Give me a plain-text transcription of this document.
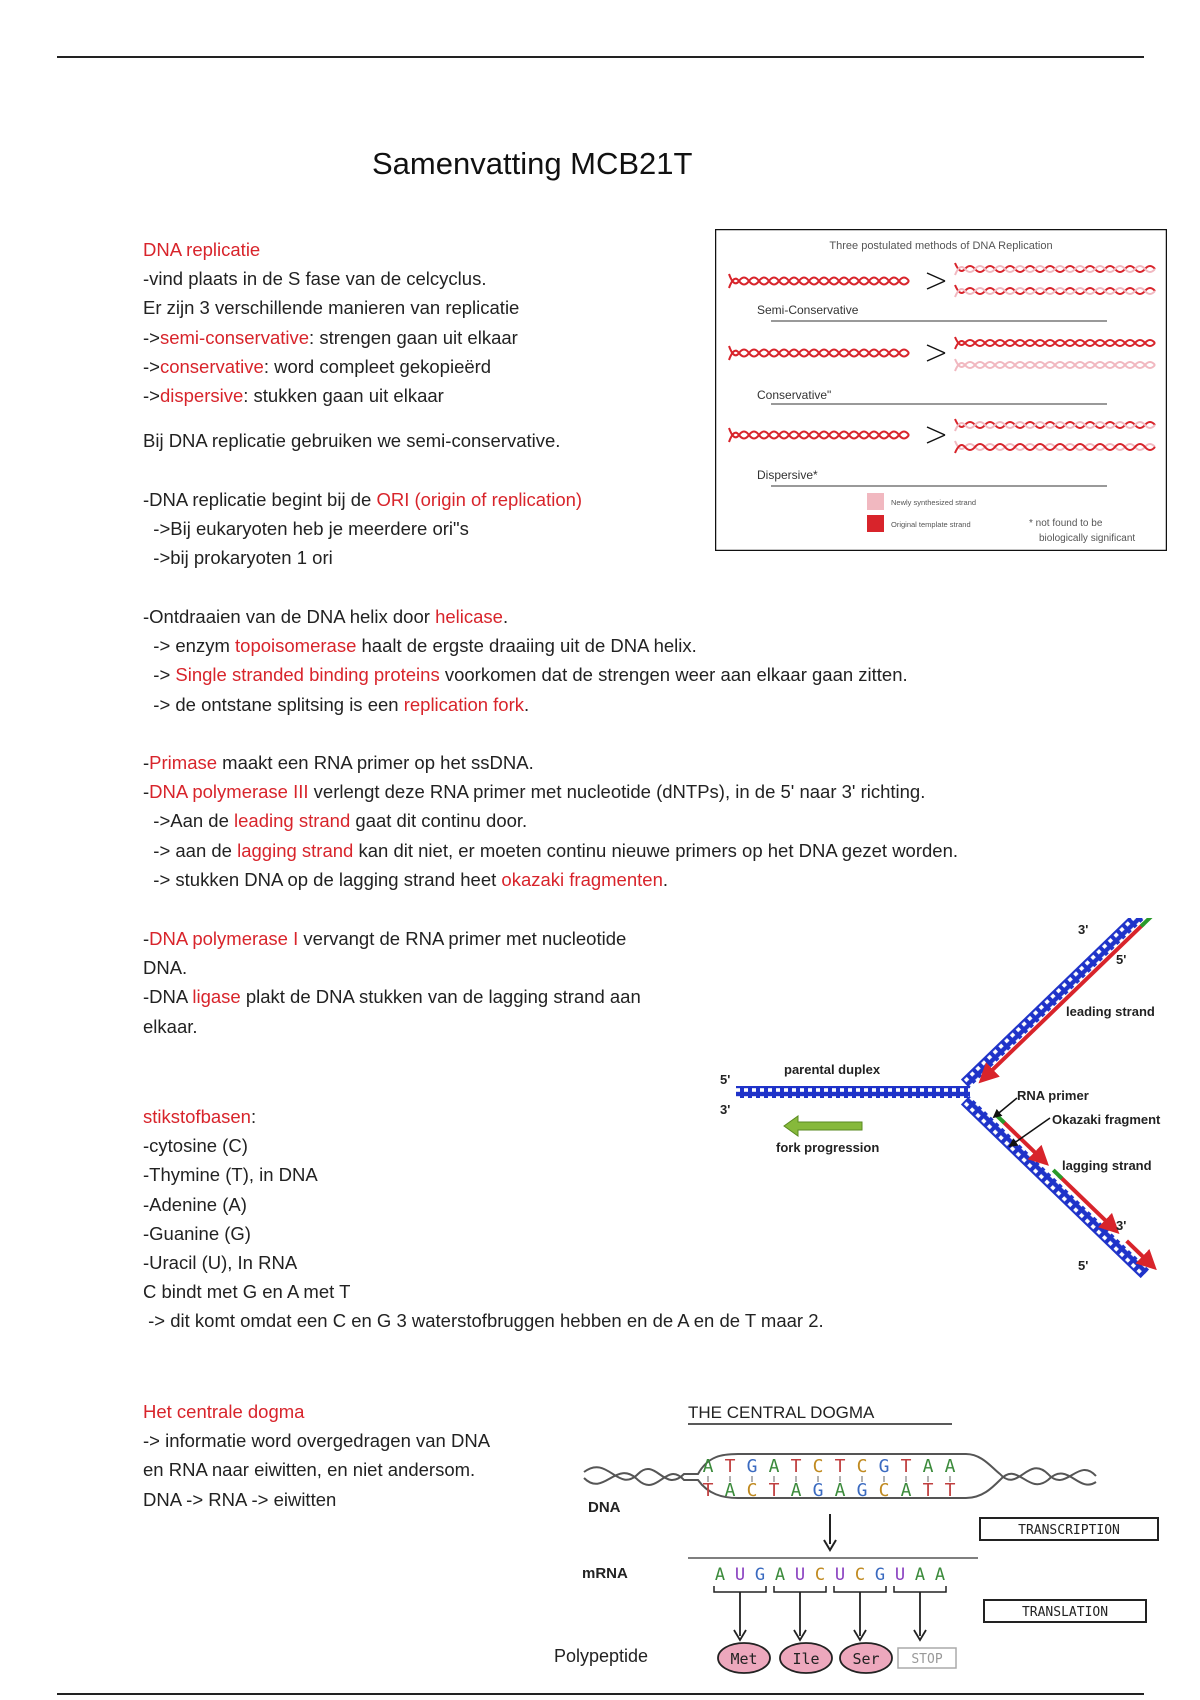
Samenvatting MCB21T

DNA replicatie

-vind plaats in de S fase van de celcyclus.

Er zijn 3 verschillende manieren van replicatie

->semi-conservative: strengen gaan uit elkaar

->conservative: word compleet gekopieërd

->dispersive: stukken gaan uit elkaar

Bij DNA replicatie gebruiken we semi-conservative.

-DNA replicatie begint bij de ORI (origin of replication)

->Bij eukaryoten heb je meerdere ori"s

->bij prokaryoten 1 ori

-Ontdraaien van de DNA helix door helicase.

-> enzym topoisomerase haalt de ergste draaiing uit de DNA helix.

-> Single stranded binding proteins voorkomen dat de strengen weer aan elkaar gaan zitten.

-> de ontstane splitsing is een replication fork.

-Primase maakt een RNA primer op het ssDNA.

-DNA polymerase III verlengt deze RNA primer met nucleotide (dNTPs), in de 5' naar 3' richting.

->Aan de leading strand gaat dit continu door.

-> aan de lagging strand kan dit niet, er moeten continu nieuwe primers op het DNA gezet worden.

-> stukken DNA op de lagging strand heet okazaki fragmenten.

-DNA polymerase I vervangt de RNA primer met nucleotide

DNA.

-DNA ligase plakt de DNA stukken van de lagging strand aan

elkaar.

stikstofbasen:

-cytosine (C)

-Thymine (T), in DNA

-Adenine (A)

-Guanine (G)

-Uracil (U), In RNA

C bindt met G en A met T

-> dit komt omdat een C en G 3 waterstofbruggen hebben en de A en de T maar 2.

Het centrale dogma

-> informatie word overgedragen van DNA

en RNA naar eiwitten, en niet andersom.

DNA -> RNA -> eiwitten

Three postulated methods of DNA Replication
Semi-Conservative
Conservative"
Dispersive*
Newly synthesized strand
Original template strand	* not found to be
biologically significant
3'
5'
leading strand
parental duplex
5'
3'
RNA primer
Okazaki fragment
fork progression
lagging strand
3'
5'
THE CENTRAL DOGMA
DNA
mRNA
Polypeptide
A T G A T C T C G T A A
T A C T A G A G C A T T
TRANSCRIPTION
A U G A U C U C G U A A
TRANSLATION
Met Ile Ser STOP
